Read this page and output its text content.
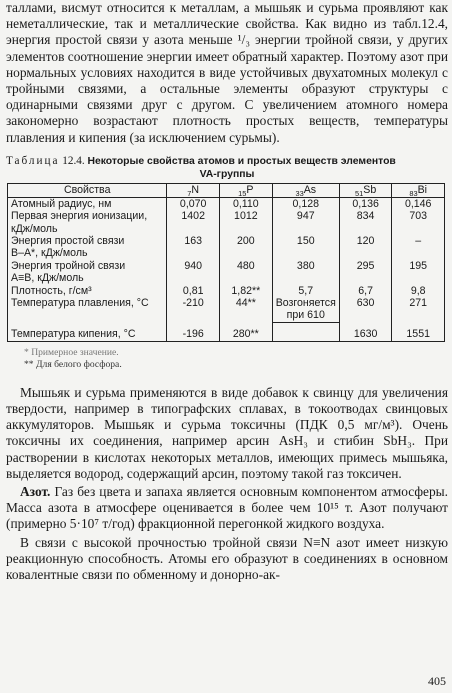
таллами, висмут относится к металлам, а мышьяк и сурьма проявляют как неметаллические, так и металлические свойства. Как видно из табл.12.4, энергия простой связи у азота меньше ¹/₃ энергии тройной связи, у других элементов соотношение энергии имеет обратный характер. Поэтому азот при нормальных условиях находится в виде устойчивых двухатомных молекул с тройными связями, а остальные элементы образуют структуры с одинарными связями друг с другом. С увеличением атомного номера закономерно возрастают плотность простых веществ, температуры плавления и кипения (за исключением сурьмы).

Таблица 12.4. Некоторые свойства атомов и простых веществ элементов
VA-группы
Свойства	$_7$N	$_{15}$P	$_{33}$As	$_{51}$Sb	$_{83}$Bi

Атомный радиус, нм	0,070	0,110	0,128	0,136	0,146

Первая энергия ионизации,
кДж/моль	1402	1012	947	834	703

Энергия простой связи
В–А*, кДж/моль	163	200	150	120	–

Энергия тройной связи
А≡В, кДж/моль	940	480	380	295	195

Плотность, г/см³	0,81	1,82**	5,7	6,7	9,8

Температура плавления, °С	-210	44**	Возгоняется при 610	630	271

Температура кипения, °С	-196	280**		1630	1551
* Примерное значение.
** Для белого фосфора.

Мышьяк и сурьма применяются в виде добавок к свинцу для увеличения твердости, например в типографских сплавах, в токоотводах свинцовых аккумуляторов. Мышьяк и сурьма токсичны (ПДК 0,5 мг/м³). Очень токсичны их соединения, например арсин AsH₃ и стибин SbH₃. При растворении в кислотах некоторых металлов, имеющих примесь мышьяка, выделяется водород, содержащий арсин, поэтому такой газ токсичен.

Азот. Газ без цвета и запаха является основным компонентом атмосферы. Масса азота в атмосфере оценивается в более чем 10¹⁵ т. Азот получают (примерно 5·10⁷ т/год) фракционной перегонкой жидкого воздуха.

В связи с высокой прочностью тройной связи N≡N азот имеет низкую реакционную способность. Атомы его образуют в соединениях в основном ковалентные связи по обменному и донорно-ак-

405
